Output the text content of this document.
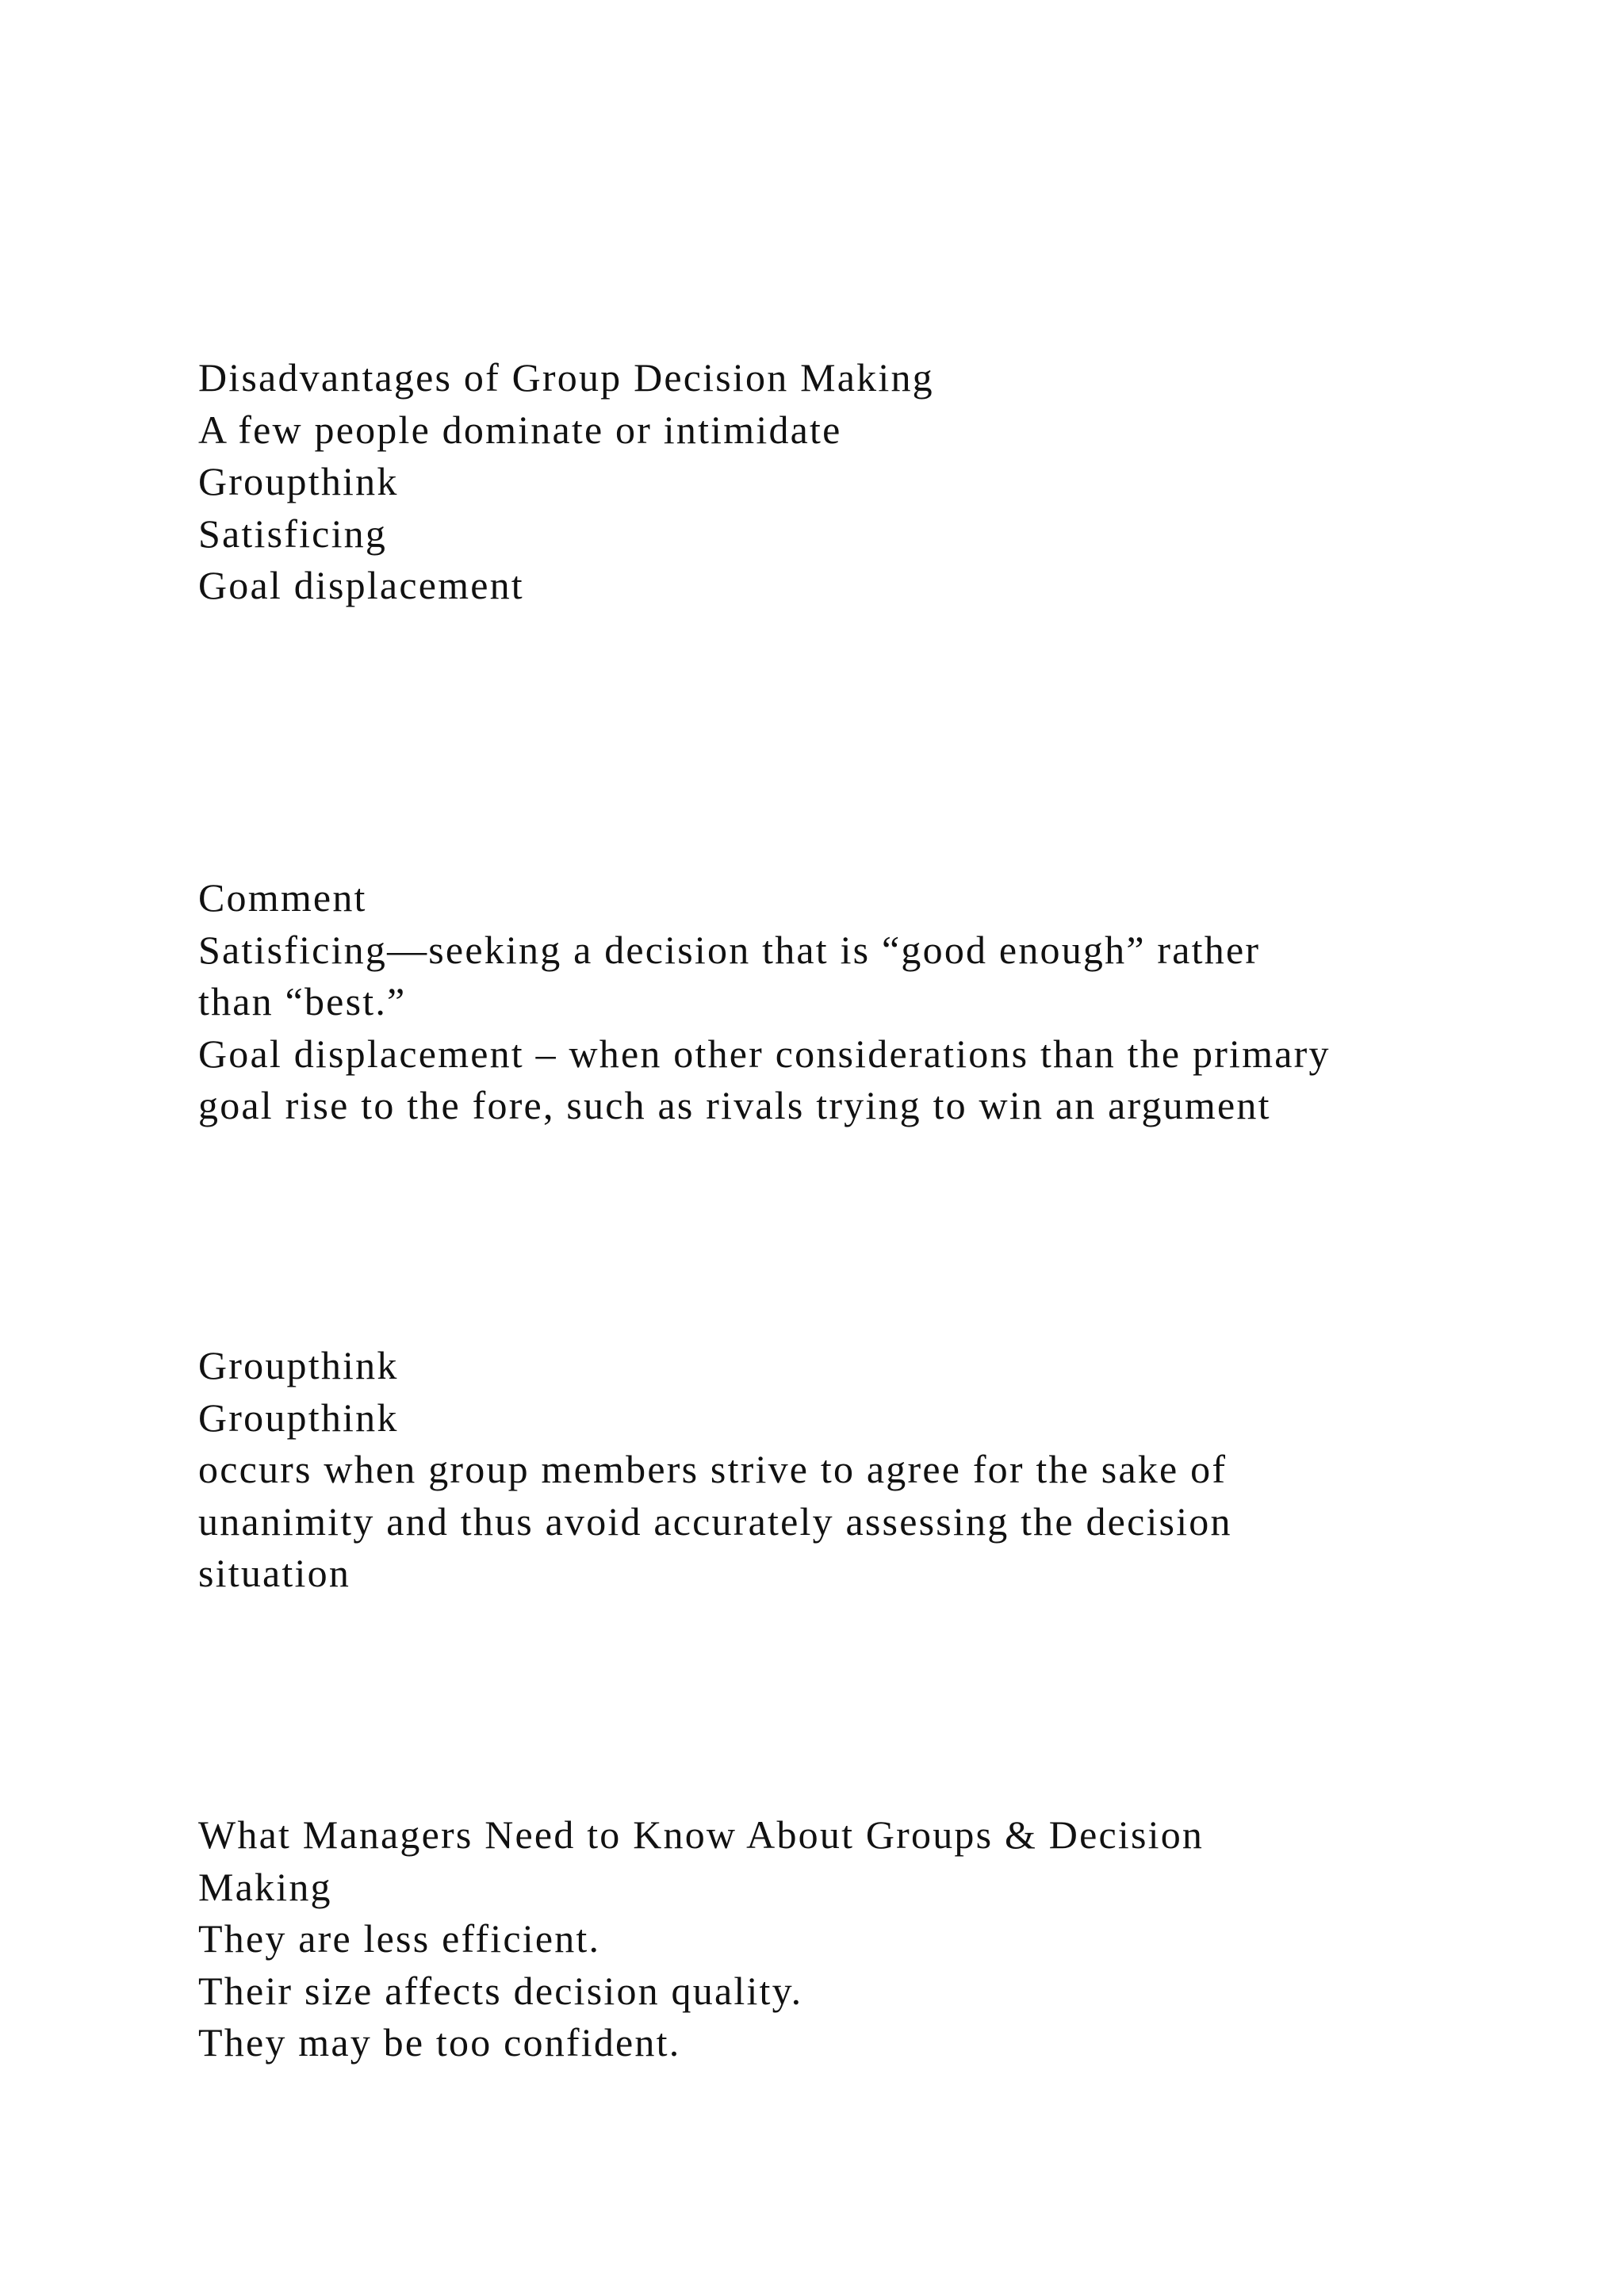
Disadvantages of Group Decision Making
A few people dominate or intimidate
Groupthink
Satisficing
Goal displacement
Comment
Satisficing—seeking a decision that is “good enough” rather
than “best.”
Goal displacement – when other considerations than the primary
goal rise to the fore, such as rivals trying to win an argument
Groupthink
Groupthink
occurs when group members strive to agree for the sake of
unanimity and thus avoid accurately assessing the decision
situation
What Managers Need to Know About Groups & Decision
Making
They are less efficient.
Their size affects decision quality.
They may be too confident.
